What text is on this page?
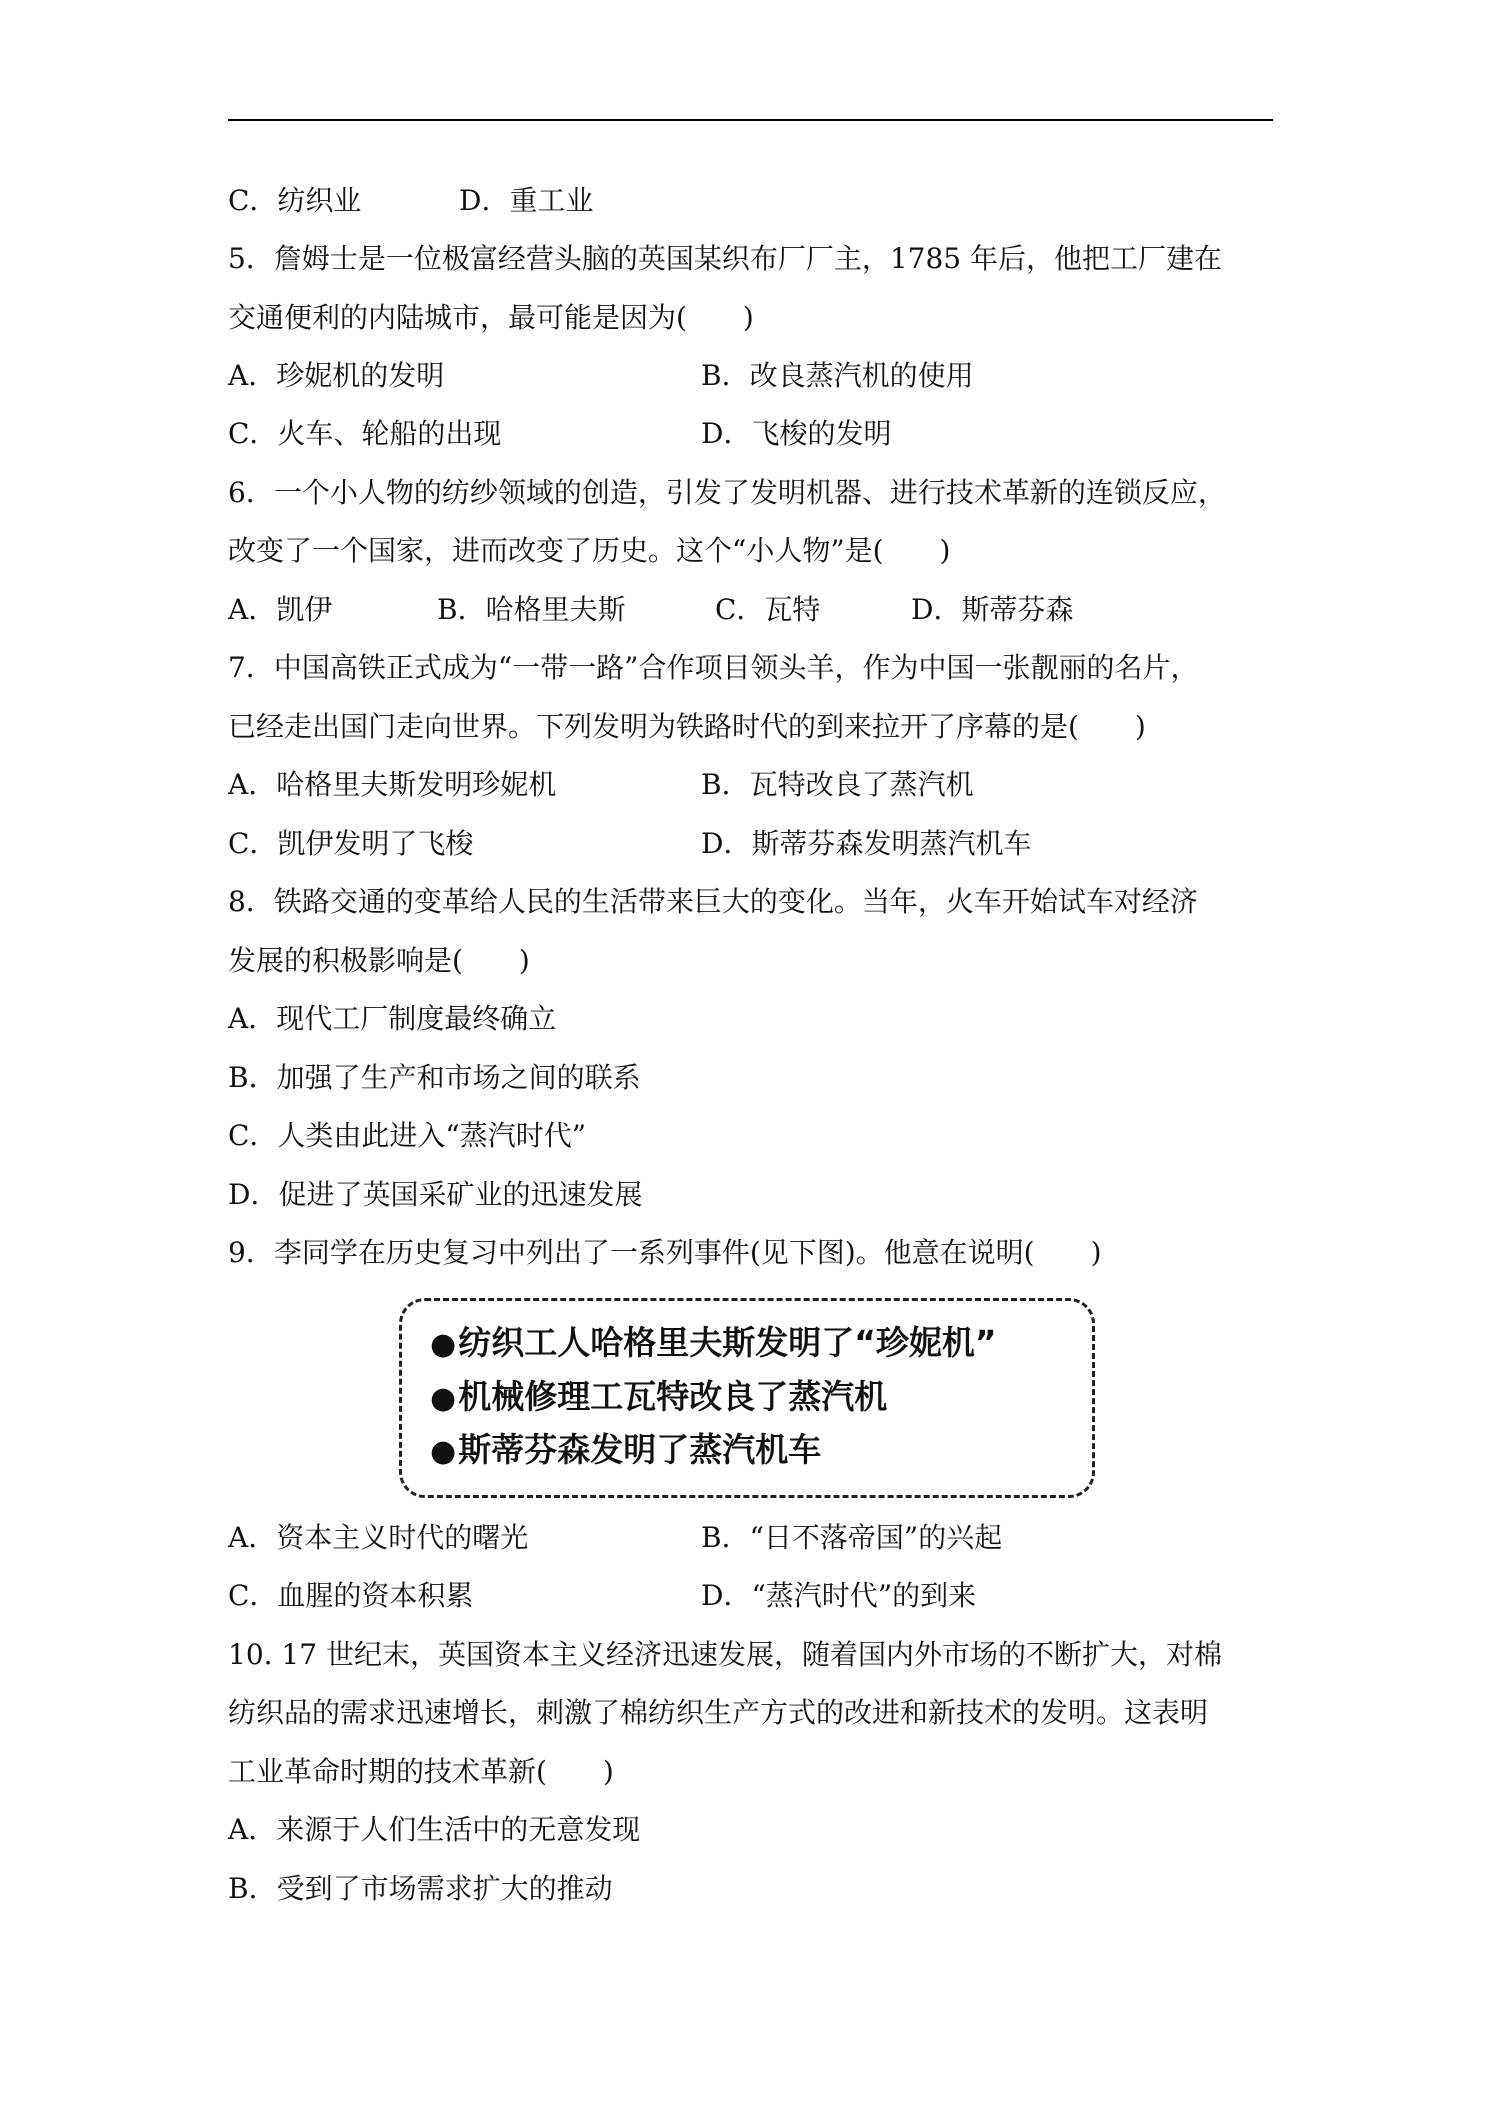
C．纺织业	D．重工业
5．詹姆士是一位极富经营头脑的英国某织布厂厂主，1785 年后，他把工厂建在
交通便利的内陆城市，最可能是因为(　　)
A．珍妮机的发明	B．改良蒸汽机的使用
C．火车、轮船的出现	D．飞梭的发明
6．一个小人物的纺纱领域的创造，引发了发明机器、进行技术革新的连锁反应，
改变了一个国家，进而改变了历史。这个“小人物”是(　　)
A．凯伊	B．哈格里夫斯	C．瓦特	D．斯蒂芬森
7．中国高铁正式成为“一带一路”合作项目领头羊，作为中国一张靓丽的名片，
已经走出国门走向世界。下列发明为铁路时代的到来拉开了序幕的是(　　)
A．哈格里夫斯发明珍妮机	B．瓦特改良了蒸汽机
C．凯伊发明了飞梭	D．斯蒂芬森发明蒸汽机车
8．铁路交通的变革给人民的生活带来巨大的变化。当年，火车开始试车对经济
发展的积极影响是(　　)
A．现代工厂制度最终确立
B．加强了生产和市场之间的联系
C．人类由此进入“蒸汽时代”
D．促进了英国采矿业的迅速发展
9．李同学在历史复习中列出了一系列事件(见下图)。他意在说明(　　)
●纺织工人哈格里夫斯发明了“珍妮机”
●机械修理工瓦特改良了蒸汽机
●斯蒂芬森发明了蒸汽机车
A．资本主义时代的曙光	B．“日不落帝国”的兴起
C．血腥的资本积累	D．“蒸汽时代”的到来
10. 17 世纪末，英国资本主义经济迅速发展，随着国内外市场的不断扩大，对棉
纺织品的需求迅速增长，刺激了棉纺织生产方式的改进和新技术的发明。这表明
工业革命时期的技术革新(　　)
A．来源于人们生活中的无意发现
B．受到了市场需求扩大的推动
